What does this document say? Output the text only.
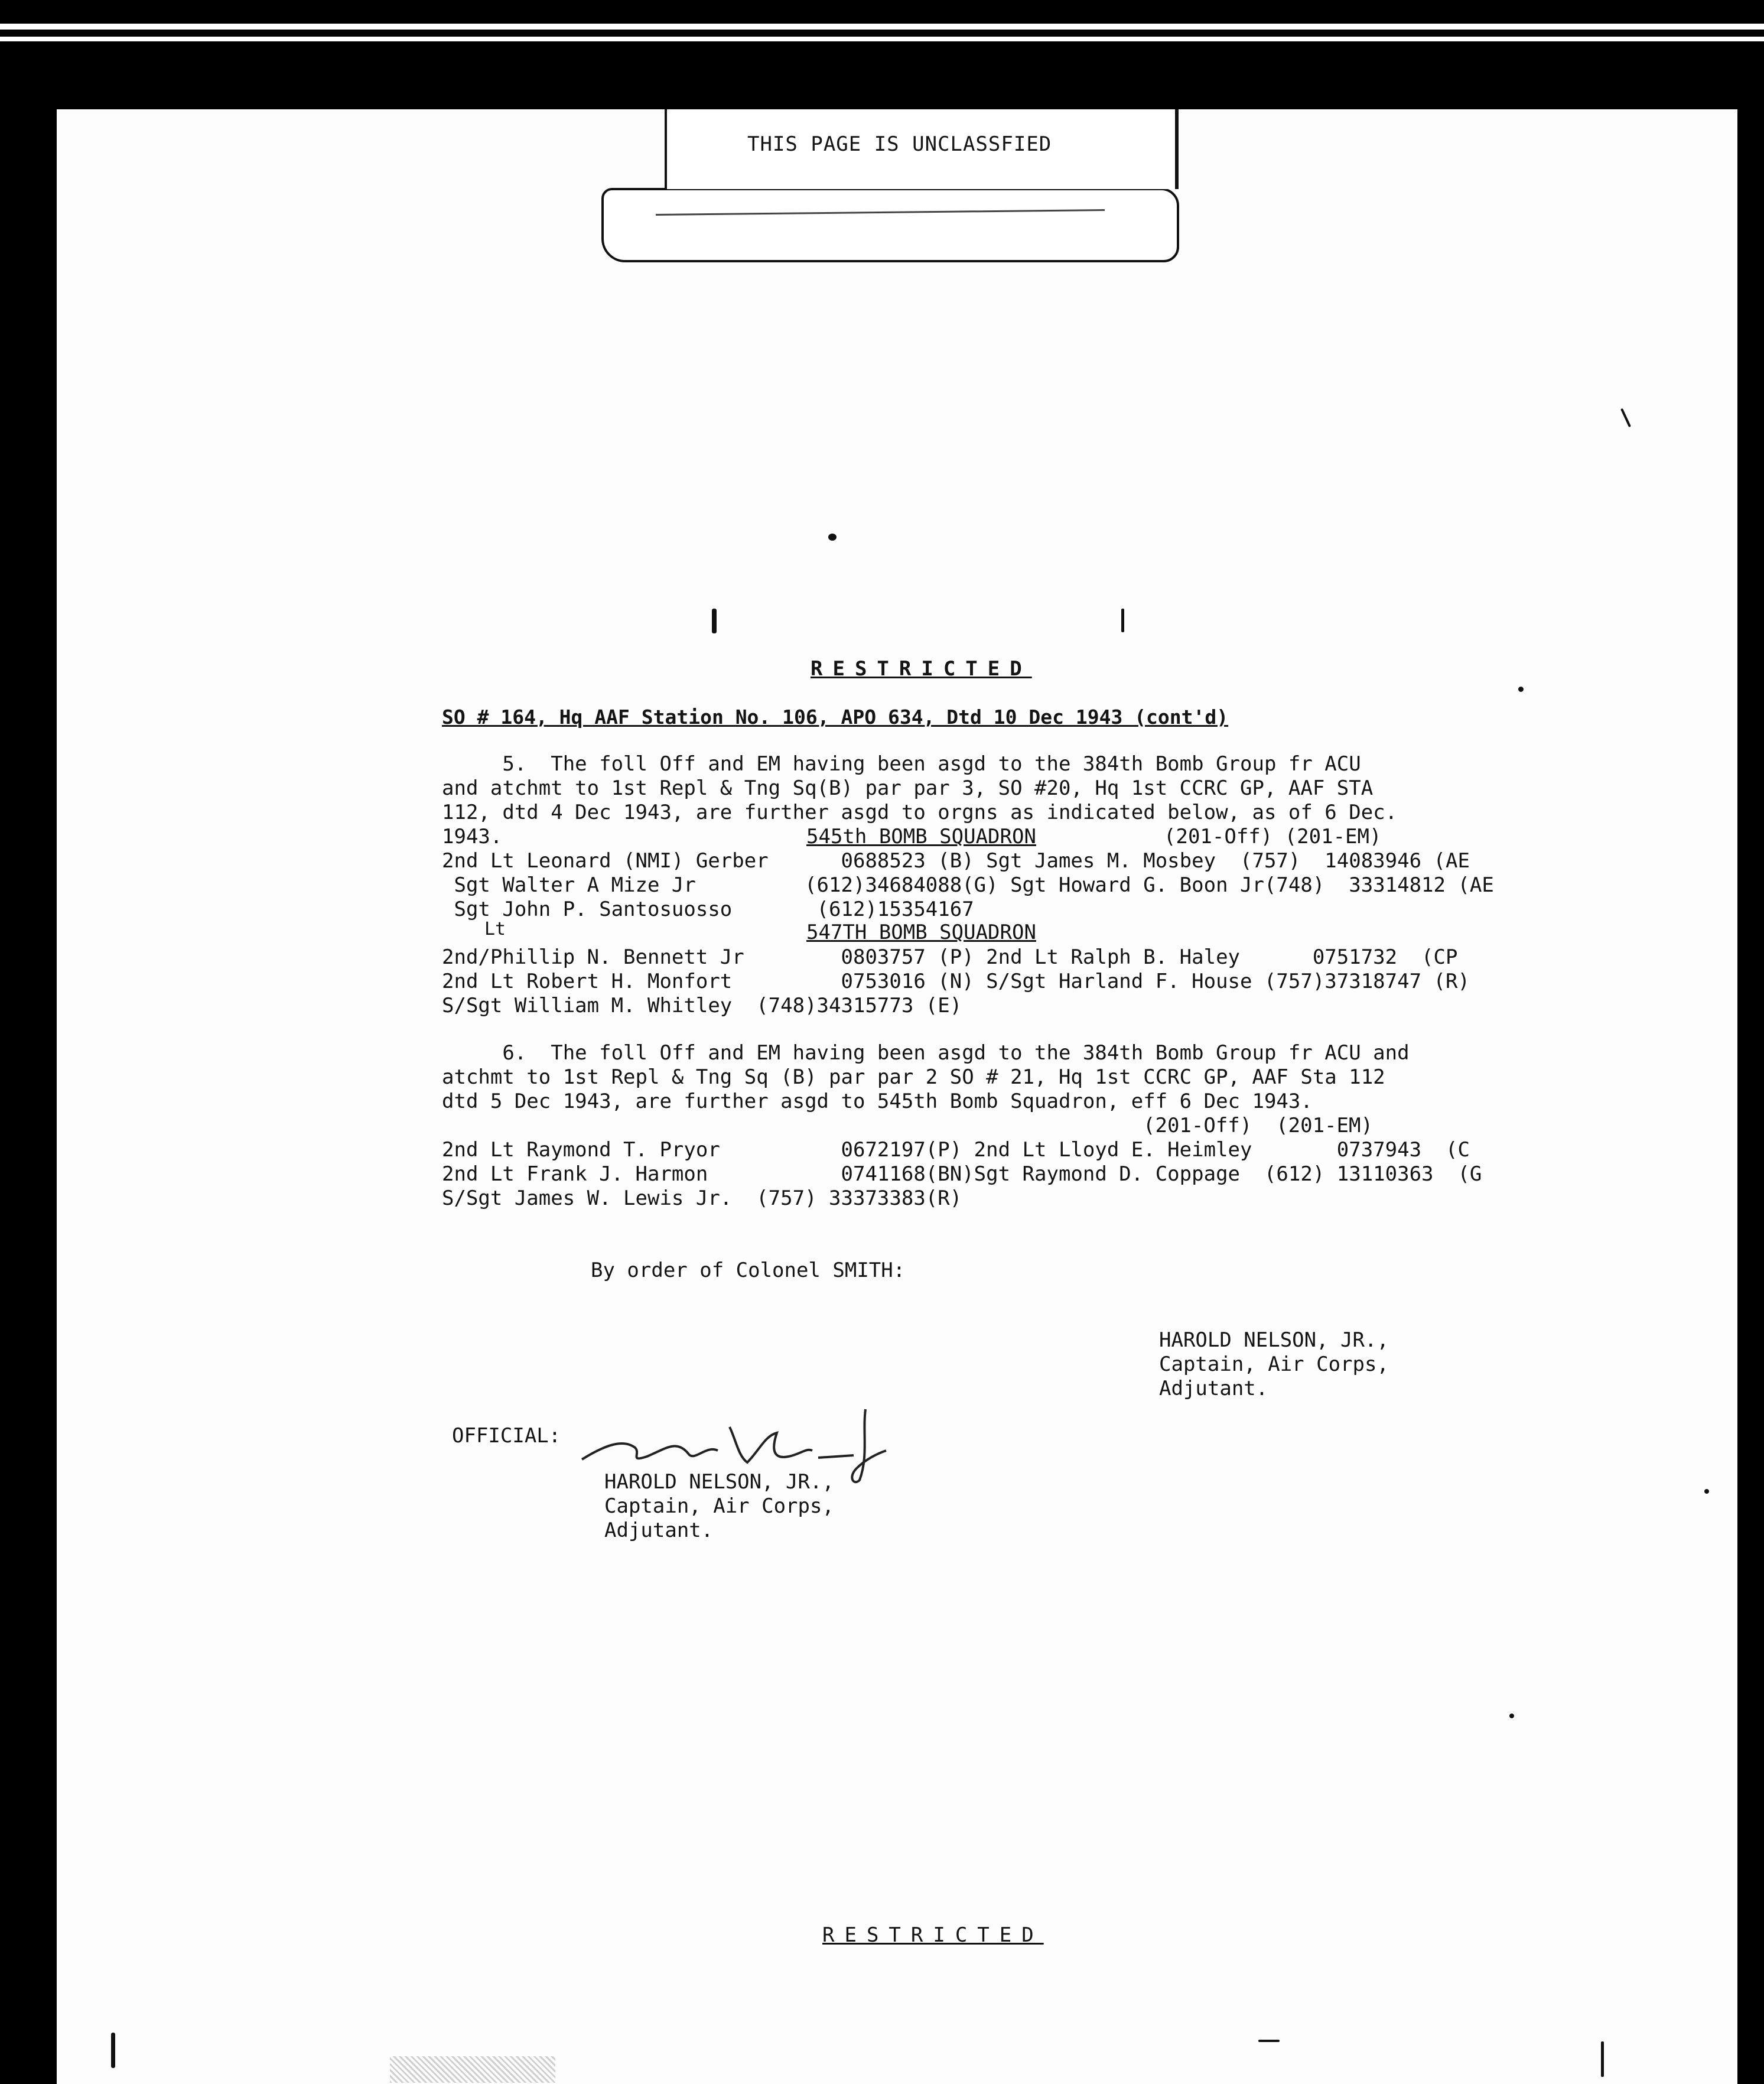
THIS PAGE IS UNCLASSFIED
RESTRICTED
SO # 164, Hq AAF Station No. 106, APO 634, Dtd 10 Dec 1943 (cont'd)
5.  The foll Off and EM having been asgd to the 384th Bomb Group fr ACU
and atchmt to 1st Repl & Tng Sq(B) par par 3, SO #20, Hq 1st CCRC GP, AAF STA
112, dtd 4 Dec 1943, are further asgd to orgns as indicated below, as of 6 Dec.
1943.	545th BOMB SQUADRON	(201-Off) (201-EM)
2nd Lt Leonard (NMI) Gerber      0688523 (B) Sgt James M. Mosbey  (757)  14083946 (AE
Sgt Walter A Mize Jr         (612)34684088(G) Sgt Howard G. Boon Jr(748)  33314812 (AE
Sgt John P. Santosuosso       (612)15354167
Lt	547TH BOMB SQUADRON
2nd/Phillip N. Bennett Jr        0803757 (P) 2nd Lt Ralph B. Haley      0751732  (CP
2nd Lt Robert H. Monfort         0753016 (N) S/Sgt Harland F. House (757)37318747 (R)
S/Sgt William M. Whitley  (748)34315773 (E)
6.  The foll Off and EM having been asgd to the 384th Bomb Group fr ACU and
atchmt to 1st Repl & Tng Sq (B) par par 2 SO # 21, Hq 1st CCRC GP, AAF Sta 112
dtd 5 Dec 1943, are further asgd to 545th Bomb Squadron, eff 6 Dec 1943.
(201-Off)  (201-EM)
2nd Lt Raymond T. Pryor          0672197(P) 2nd Lt Lloyd E. Heimley       0737943  (C
2nd Lt Frank J. Harmon           0741168(BN)Sgt Raymond D. Coppage  (612) 13110363  (G
S/Sgt James W. Lewis Jr.  (757) 33373383(R)
By order of Colonel SMITH:
HAROLD NELSON, JR.,
Captain, Air Corps,
Adjutant.
OFFICIAL:
HAROLD NELSON, JR.,
Captain, Air Corps,
Adjutant.
RESTRICTED
